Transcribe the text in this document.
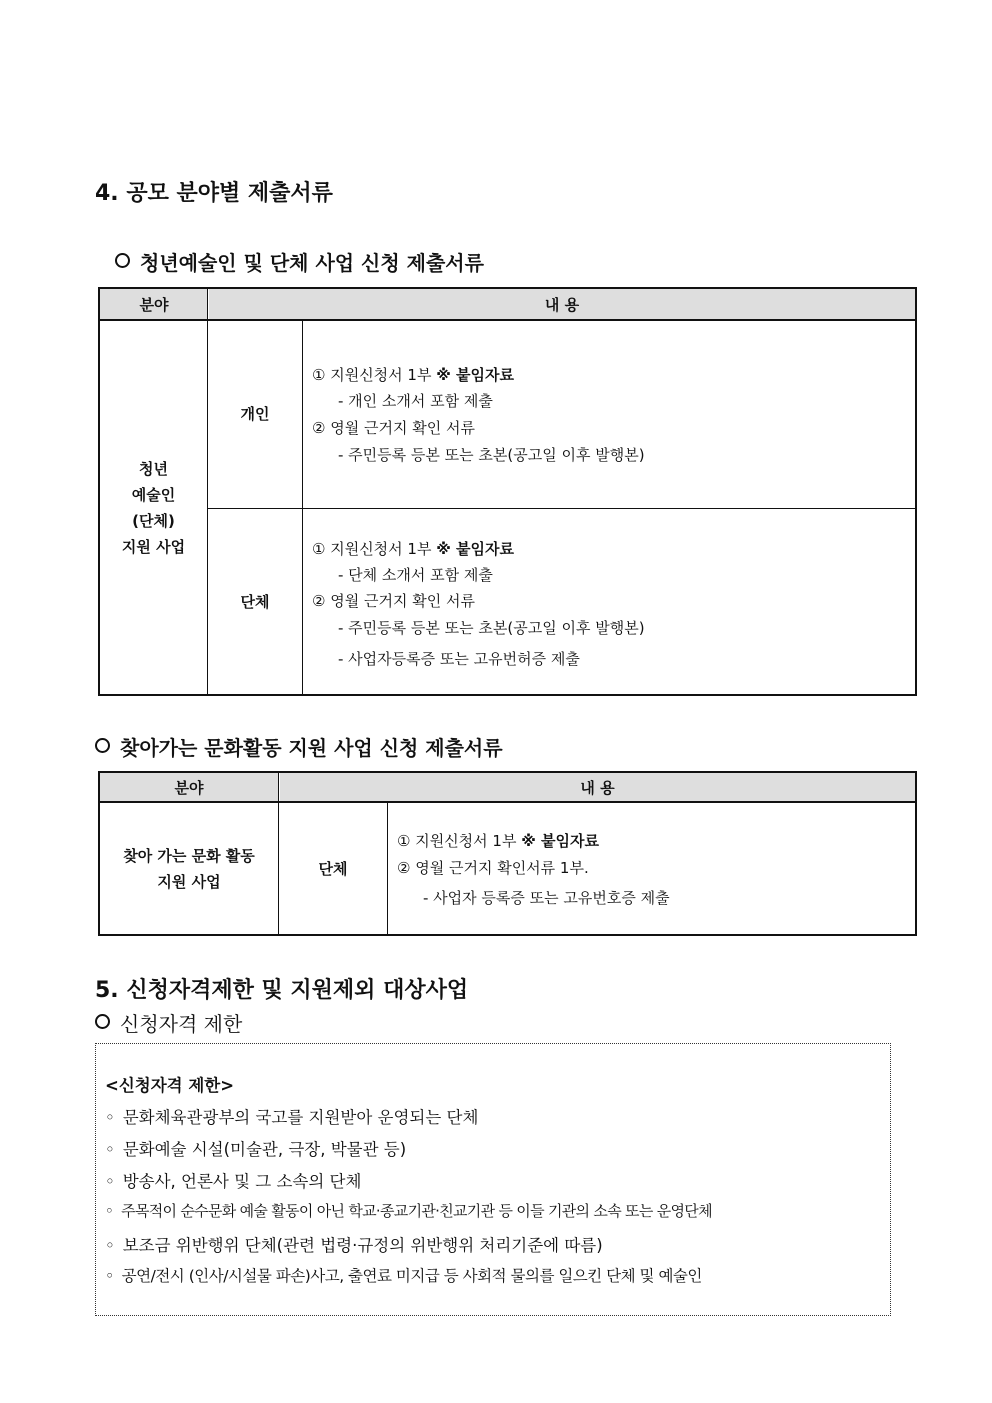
4. 공모 분야별 제출서류
청년예술인 및 단체 사업 신청 제출서류
분야	내 용
청년
예술인
(단체)
지원 사업
개인
단체
① 지원신청서 1부 ※ 붙임자료
- 개인 소개서 포함 제출
② 영월 근거지 확인 서류
- 주민등록 등본 또는 초본(공고일 이후 발행본)
① 지원신청서 1부 ※ 붙임자료
- 단체 소개서 포함 제출
② 영월 근거지 확인 서류
- 주민등록 등본 또는 초본(공고일 이후 발행본)
- 사업자등록증 또는 고유번허증 제출
찾아가는 문화활동 지원 사업 신청 제출서류
분야	내 용
찾아 가는 문화 활동
지원 사업
단체
① 지원신청서 1부 ※ 붙임자료
② 영월 근거지 확인서류 1부.
- 사업자 등록증 또는 고유번호증 제출
5. 신청자격제한 및 지원제외 대상사업
신청자격 제한
<신청자격 제한>
◦ 문화체육관광부의 국고를 지원받아 운영되는 단체
◦ 문화예술 시설(미술관, 극장, 박물관 등)
◦ 방송사, 언론사 및 그 소속의 단체
◦ 주목적이 순수문화 예술 활동이 아닌 학교·종교기관·친교기관 등 이들 기관의 소속 또는 운영단체
◦ 보조금 위반행위 단체(관련 법령·규정의 위반행위 처리기준에 따름)
◦ 공연/전시 (인사/시설물 파손)사고, 출연료 미지급 등 사회적 물의를 일으킨 단체 및 예술인
